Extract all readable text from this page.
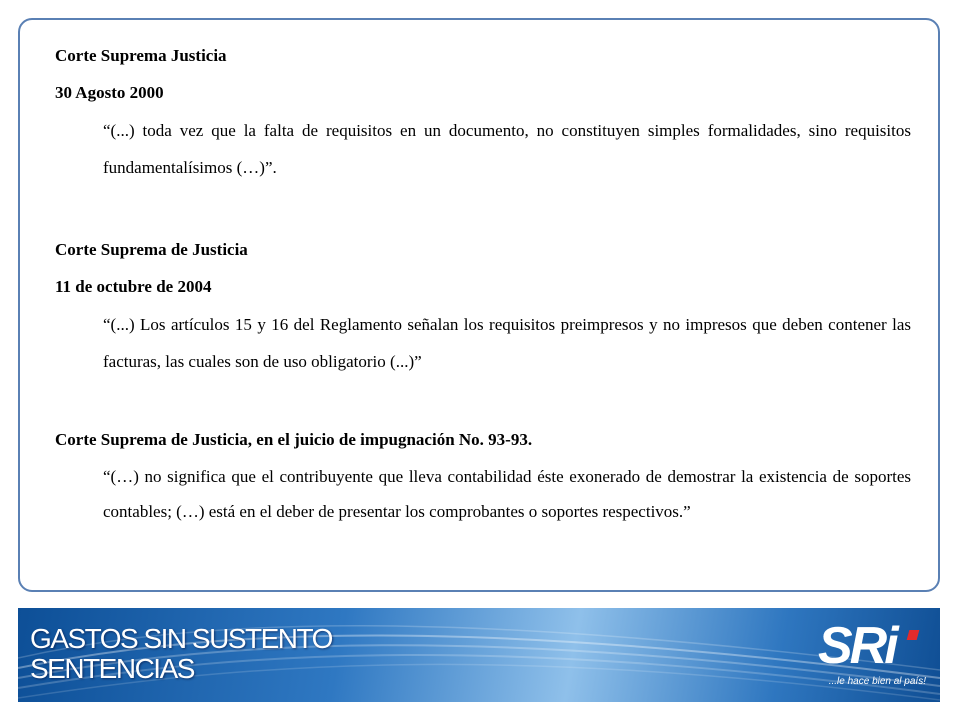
Corte Suprema Justicia

30 Agosto 2000

“(...) toda vez que la falta de requisitos en un documento, no constituyen simples formalidades, sino requisitos fundamentalísimos (…)”.

Corte Suprema de Justicia

11 de octubre de 2004

“(...) Los artículos 15 y 16 del Reglamento señalan los requisitos preimpresos y no impresos que deben contener las facturas, las cuales son de uso obligatorio (...)”

Corte Suprema de Justicia, en el juicio de impugnación No. 93-93.

“(…) no significa que el contribuyente que lleva contabilidad éste exonerado de demostrar la existencia de soportes contables; (…) está en el deber de presentar los comprobantes o soportes respectivos.”

GASTOS SIN SUSTENTO
SENTENCIAS	SRi
...le hace bien al país!
